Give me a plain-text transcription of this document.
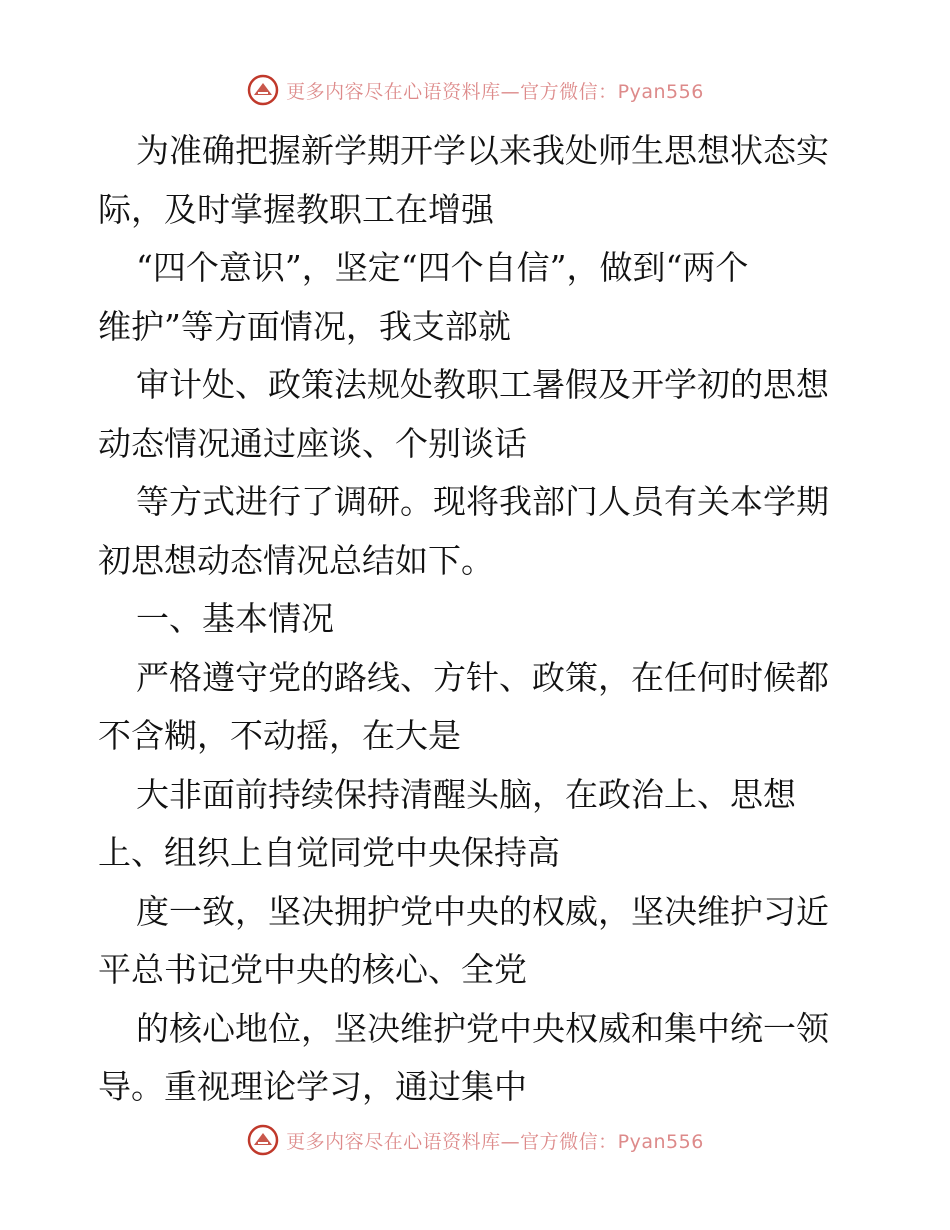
更多内容尽在心语资料库—官方微信：Pyan556
为准确把握新学期开学以来我处师生思想状态实
际，及时掌握教职工在增强
“四个意识”，坚定“四个自信”，做到“两个
维护”等方面情况，我支部就
审计处、政策法规处教职工暑假及开学初的思想
动态情况通过座谈、个别谈话
等方式进行了调研。现将我部门人员有关本学期
初思想动态情况总结如下。
一、基本情况
严格遵守党的路线、方针、政策，在任何时候都
不含糊，不动摇，在大是
大非面前持续保持清醒头脑，在政治上、思想
上、组织上自觉同党中央保持高
度一致，坚决拥护党中央的权威，坚决维护习近
平总书记党中央的核心、全党
的核心地位，坚决维护党中央权威和集中统一领
导。重视理论学习，通过集中
更多内容尽在心语资料库—官方微信：Pyan556
